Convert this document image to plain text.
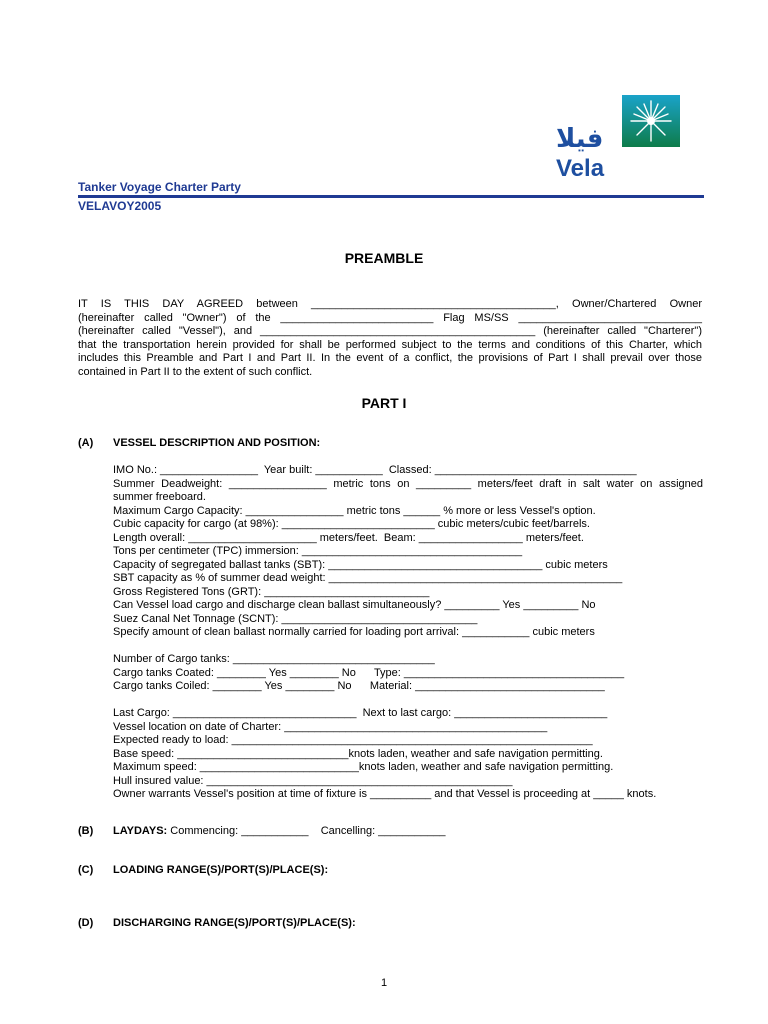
فيلا
Vela
Tanker Voyage Charter Party
VELAVOY2005
PREAMBLE
IT IS THIS DAY AGREED between ________________________________________, Owner/Chartered Owner
(hereinafter called "Owner") of the _________________________ Flag MS/SS ______________________________
(hereinafter called "Vessel"), and _____________________________________________ (hereinafter called "Charterer")
that the transportation herein provided for shall be performed subject to the terms and conditions of this Charter, which
includes this Preamble and Part I and Part II. In the event of a conflict, the provisions of Part I shall prevail over those
contained in Part II to the extent of such conflict.
PART I
(A) VESSEL DESCRIPTION AND POSITION:
IMO No.: ________________  Year built: ___________  Classed: _________________________________
Summer Deadweight: ________________ metric tons on _________ meters/feet draft in salt water on assigned
summer freeboard.
Maximum Cargo Capacity: ________________ metric tons ______ % more or less Vessel's option.
Cubic capacity for cargo (at 98%): _________________________ cubic meters/cubic feet/barrels.
Length overall: _____________________ meters/feet.  Beam: _________________ meters/feet.
Tons per centimeter (TPC) immersion: ____________________________________
Capacity of segregated ballast tanks (SBT): ___________________________________ cubic meters
SBT capacity as % of summer dead weight: ________________________________________________
Gross Registered Tons (GRT): ___________________________
Can Vessel load cargo and discharge clean ballast simultaneously? _________ Yes _________ No
Suez Canal Net Tonnage (SCNT): ________________________________
Specify amount of clean ballast normally carried for loading port arrival: ___________ cubic meters
Number of Cargo tanks: _________________________________
Cargo tanks Coated: ________ Yes ________ No      Type: ____________________________________
Cargo tanks Coiled: ________ Yes ________ No      Material: _______________________________
Last Cargo: ______________________________  Next to last cargo: _________________________
Vessel location on date of Charter: ___________________________________________
Expected ready to load: ___________________________________________________________
Base speed: ____________________________knots laden, weather and safe navigation permitting.
Maximum speed: __________________________knots laden, weather and safe navigation permitting.
Hull insured value: __________________________________________________
Owner warrants Vessel's position at time of fixture is __________ and that Vessel is proceeding at _____ knots.
(B) LAYDAYS: Commencing: ___________    Cancelling: ___________
(C) LOADING RANGE(S)/PORT(S)/PLACE(S):
(D) DISCHARGING RANGE(S)/PORT(S)/PLACE(S):
1
